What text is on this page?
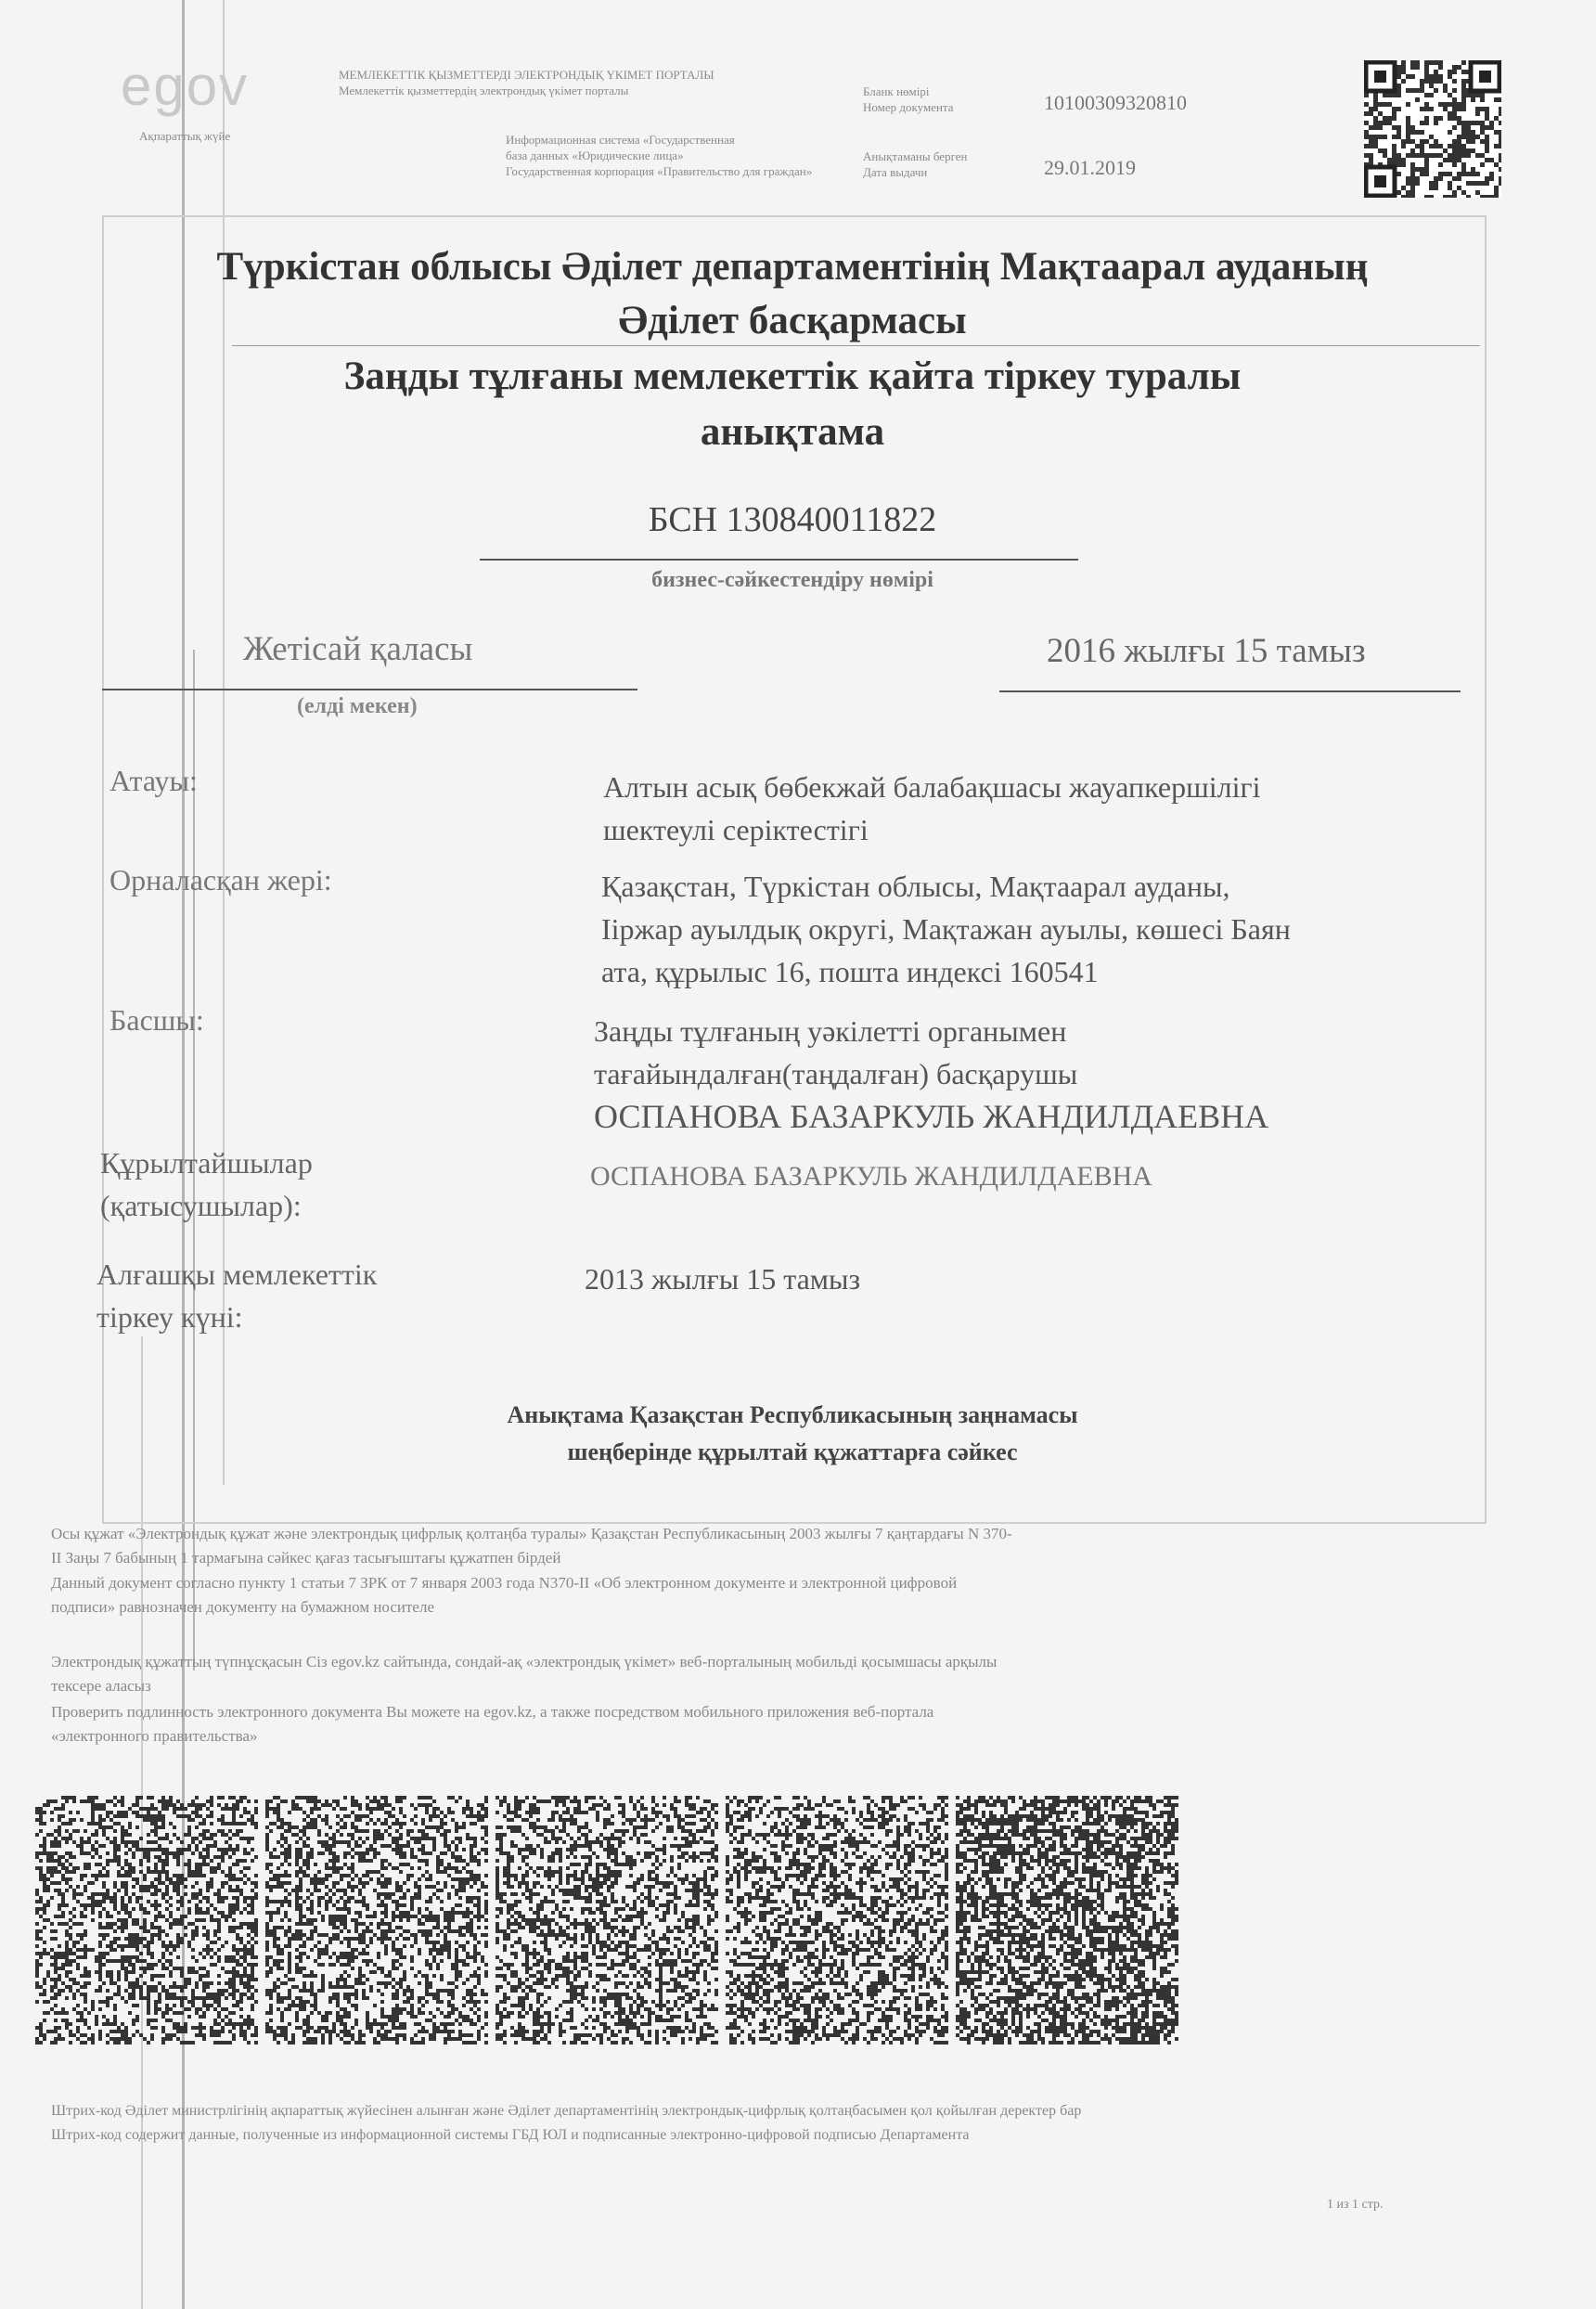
egov	МЕМЛЕКЕТТІК ҚЫЗМЕТТЕРДІ ЭЛЕКТРОНДЫҚ ҮКІМЕТ ПОРТАЛЫ
Мемлекеттік қызметтердің электрондық үкімет порталы
Ақпараттық жүйе	Информационная система «Государственная
база данных «Юридические лица»
Государственная корпорация «Правительство для граждан»
Бланк нөмірі
Номер документа	10100309320810
Анықтаманы берген
Дата выдачи	29.01.2019
Түркістан облысы Әділет департаментінің Мақтаарал ауданың
Әділет басқармасы
Заңды тұлғаны мемлекеттік қайта тіркеу туралы
анықтама
БСН 130840011822
бизнес-сәйкестендіру нөмірі
Жетісай қаласы
(елді мекен)
2016 жылғы 15 тамыз
Атауы:	Алтын асық бөбекжай балабақшасы жауапкершілігі
шектеулі серіктестігі
Орналасқан жері:	Қазақстан, Түркістан облысы, Мақтаарал ауданы,
Ііржар ауылдық округі, Мақтажан ауылы, көшесі Баян
ата, құрылыс 16, пошта индексі 160541
Басшы:	Заңды тұлғаның уәкілетті органымен
тағайындалған(таңдалған) басқарушы
ОСПАНОВА БАЗАРКУЛЬ ЖАНДИЛДАЕВНА
Құрылтайшылар
(қатысушылар):
ОСПАНОВА БАЗАРКУЛЬ ЖАНДИЛДАЕВНА
Алғашқы мемлекеттік
тіркеу күні:
2013 жылғы 15 тамыз
Анықтама Қазақстан Республикасының заңнамасы
шеңберінде құрылтай құжаттарға сәйкес
Осы құжат «Электрондық құжат және электрондық цифрлық қолтаңба туралы» Қазақстан Республикасының 2003 жылғы 7 қаңтардағы N 370-
II Заңы 7 бабының 1 тармағына сәйкес қағаз тасығыштағы құжатпен бірдей
Данный документ согласно пункту 1 статьи 7 ЗРК от 7 января 2003 года N370-II «Об электронном документе и электронной цифровой
подписи» равнозначен документу на бумажном носителе
Электрондық құжаттың түпнұсқасын Сіз egov.kz сайтында, сондай-ақ «электрондық үкімет» веб-порталының мобильді қосымшасы арқылы
тексере аласыз
Проверить подлинность электронного документа Вы можете на egov.kz, а также посредством мобильного приложения веб-портала
«электронного правительства»
Штрих-код Әділет министрлігінің ақпараттық жүйесінен алынған және Әділет департаментінің электрондық-цифрлық қолтаңбасымен қол қойылған деректер бар
Штрих-код содержит данные, полученные из информационной системы ГБД ЮЛ и подписанные электронно-цифровой подписью Департамента
1 из 1 стр.
